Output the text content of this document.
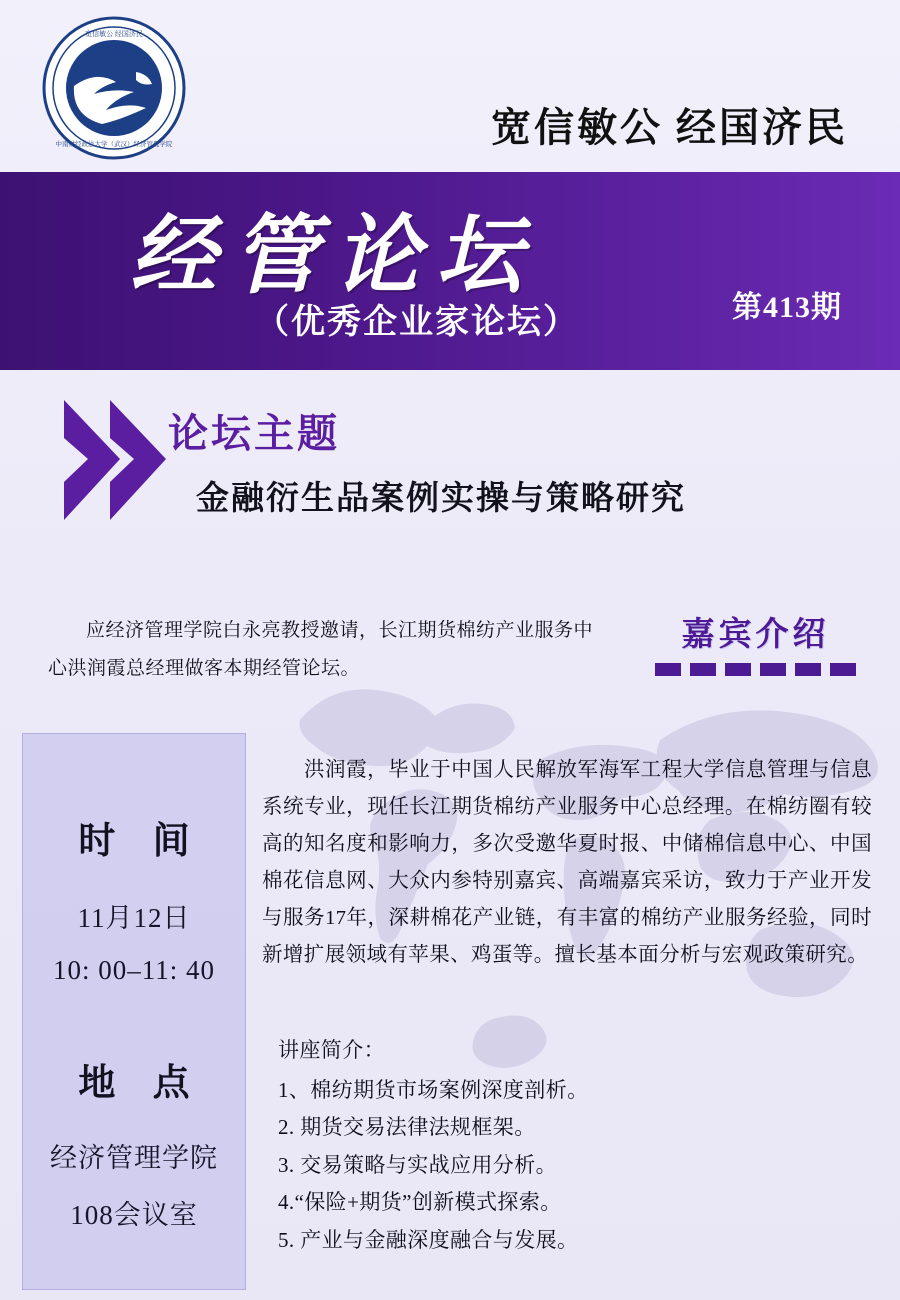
宽信敏公 经国济民
中南财经政法大学（武汉）经济管理学院
1985	宽信敏公 经国济民
经管论坛
第413期
（优秀企业家论坛）
论坛主题
金融衍生品案例实操与策略研究
应经济管理学院白永亮教授邀请，长江期货棉纺产业服务中心洪润霞总经理做客本期经管论坛。
嘉宾介绍
时 间
11月12日
10: 00–11: 40
地 点
经济管理学院
108会议室
洪润霞，毕业于中国人民解放军海军工程大学信息管理与信息系统专业，现任长江期货棉纺产业服务中心总经理。在棉纺圈有较高的知名度和影响力，多次受邀华夏时报、中储棉信息中心、中国棉花信息网、大众内参特别嘉宾、高端嘉宾采访，致力于产业开发与服务17年，深耕棉花产业链，有丰富的棉纺产业服务经验，同时新增扩展领域有苹果、鸡蛋等。擅长基本面分析与宏观政策研究。
讲座简介：
1、棉纺期货市场案例深度剖析。
2. 期货交易法律法规框架。
3. 交易策略与实战应用分析。
4.“保险+期货”创新模式探索。
5. 产业与金融深度融合与发展。
